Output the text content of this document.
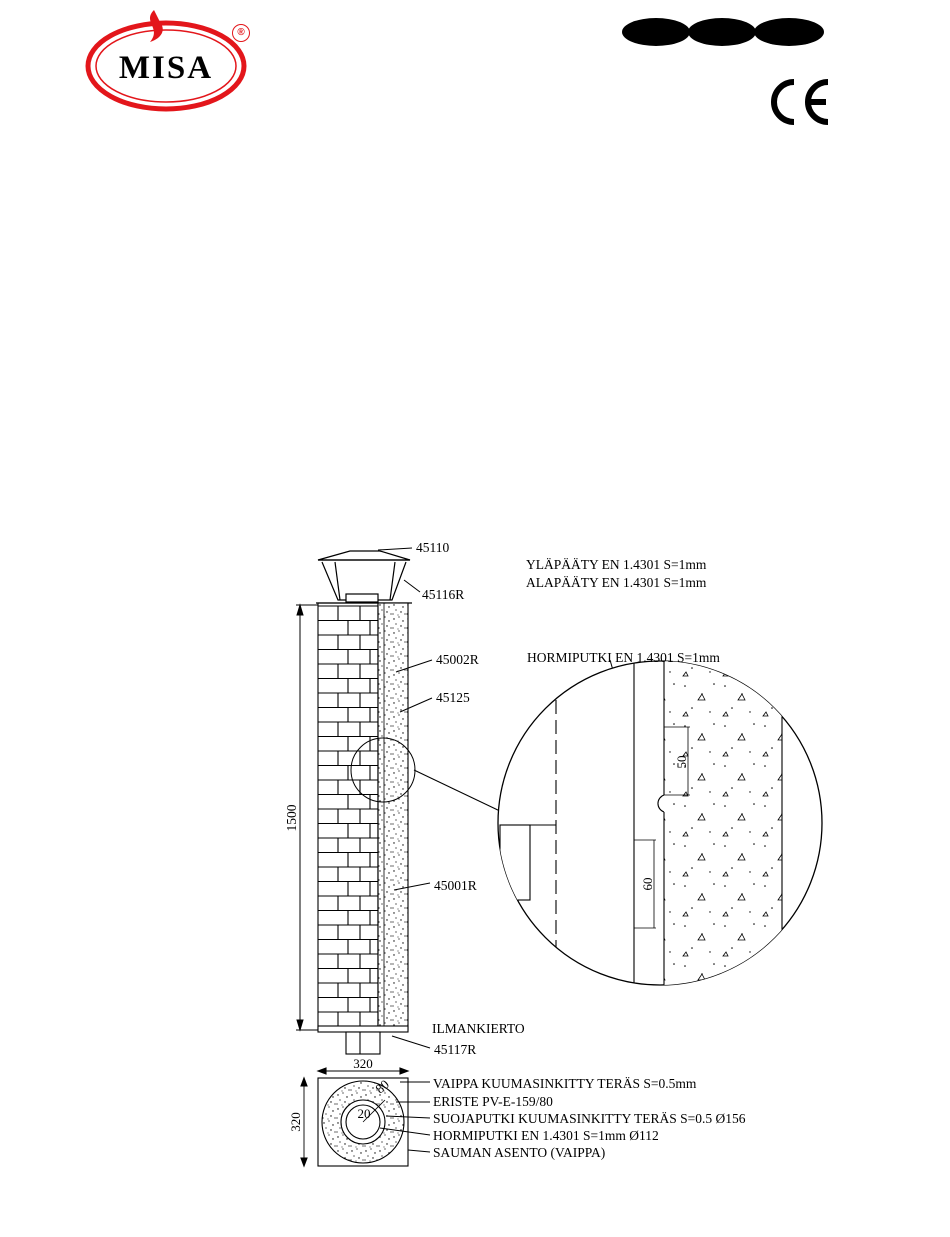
MISA
®
50
60
320
320
80
20
1500
45110
45116R
45002R
45125
45001R
ILMANKIERTO
45117R
YLÄPÄÄTY EN 1.4301 S=1mm
ALAPÄÄTY EN 1.4301 S=1mm
HORMIPUTKI EN 1.4301 S=1mm
VAIPPA KUUMASINKITTY TERÄS S=0.5mm
ERISTE PV-E-159/80
SUOJAPUTKI KUUMASINKITTY TERÄS S=0.5 Ø156
HORMIPUTKI EN 1.4301 S=1mm Ø112
SAUMAN ASENTO (VAIPPA)
